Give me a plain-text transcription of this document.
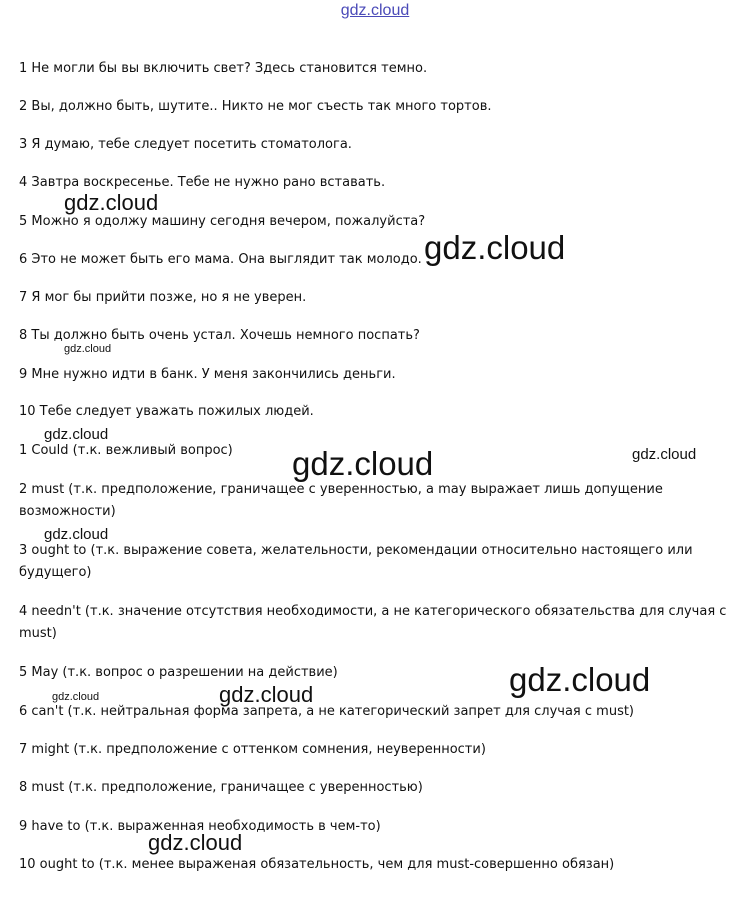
gdz.cloud
1 Не могли бы вы включить свет? Здесь становится темно.
2 Вы, должно быть, шутите.. Никто не мог съесть так много тортов.
3 Я думаю, тебе следует посетить стоматолога.
4 Завтра воскресенье. Тебе не нужно рано вставать.
5 Можно я одолжу машину сегодня вечером, пожалуйста?
6 Это не может быть его мама. Она выглядит так молодо.
7 Я мог бы прийти позже, но я не уверен.
8 Ты должно быть очень устал. Хочешь немного поспать?
9 Мне нужно идти в банк. У меня закончились деньги.
10 Тебе следует уважать пожилых людей.
1 Could (т.к. вежливый вопрос)
2 must (т.к. предположение, граничащее с уверенностью, а may выражает лишь допущение возможности)
3 ought to (т.к. выражение совета, желательности, рекомендации относительно настоящего или будущего)
4 needn't (т.к. значение отсутствия необходимости, а не категорического обязательства для случая с must)
5 May (т.к. вопрос о разрешении на действие)
6 can't (т.к. нейтральная форма запрета, а не категорический запрет для случая с must)
7 might (т.к. предположение с оттенком сомнения, неуверенности)
8 must (т.к. предположение, граничащее с уверенностью)
9 have to (т.к. выраженная необходимость в чем-то)
10 ought to (т.к. менее выраженая обязательность, чем для must-совершенно обязан)
gdz.cloud
gdz.cloud
gdz.cloud
gdz.cloud
gdz.cloud	gdz.cloud
gdz.cloud
gdz.cloud
gdz.cloud	gdz.cloud
gdz.cloud
